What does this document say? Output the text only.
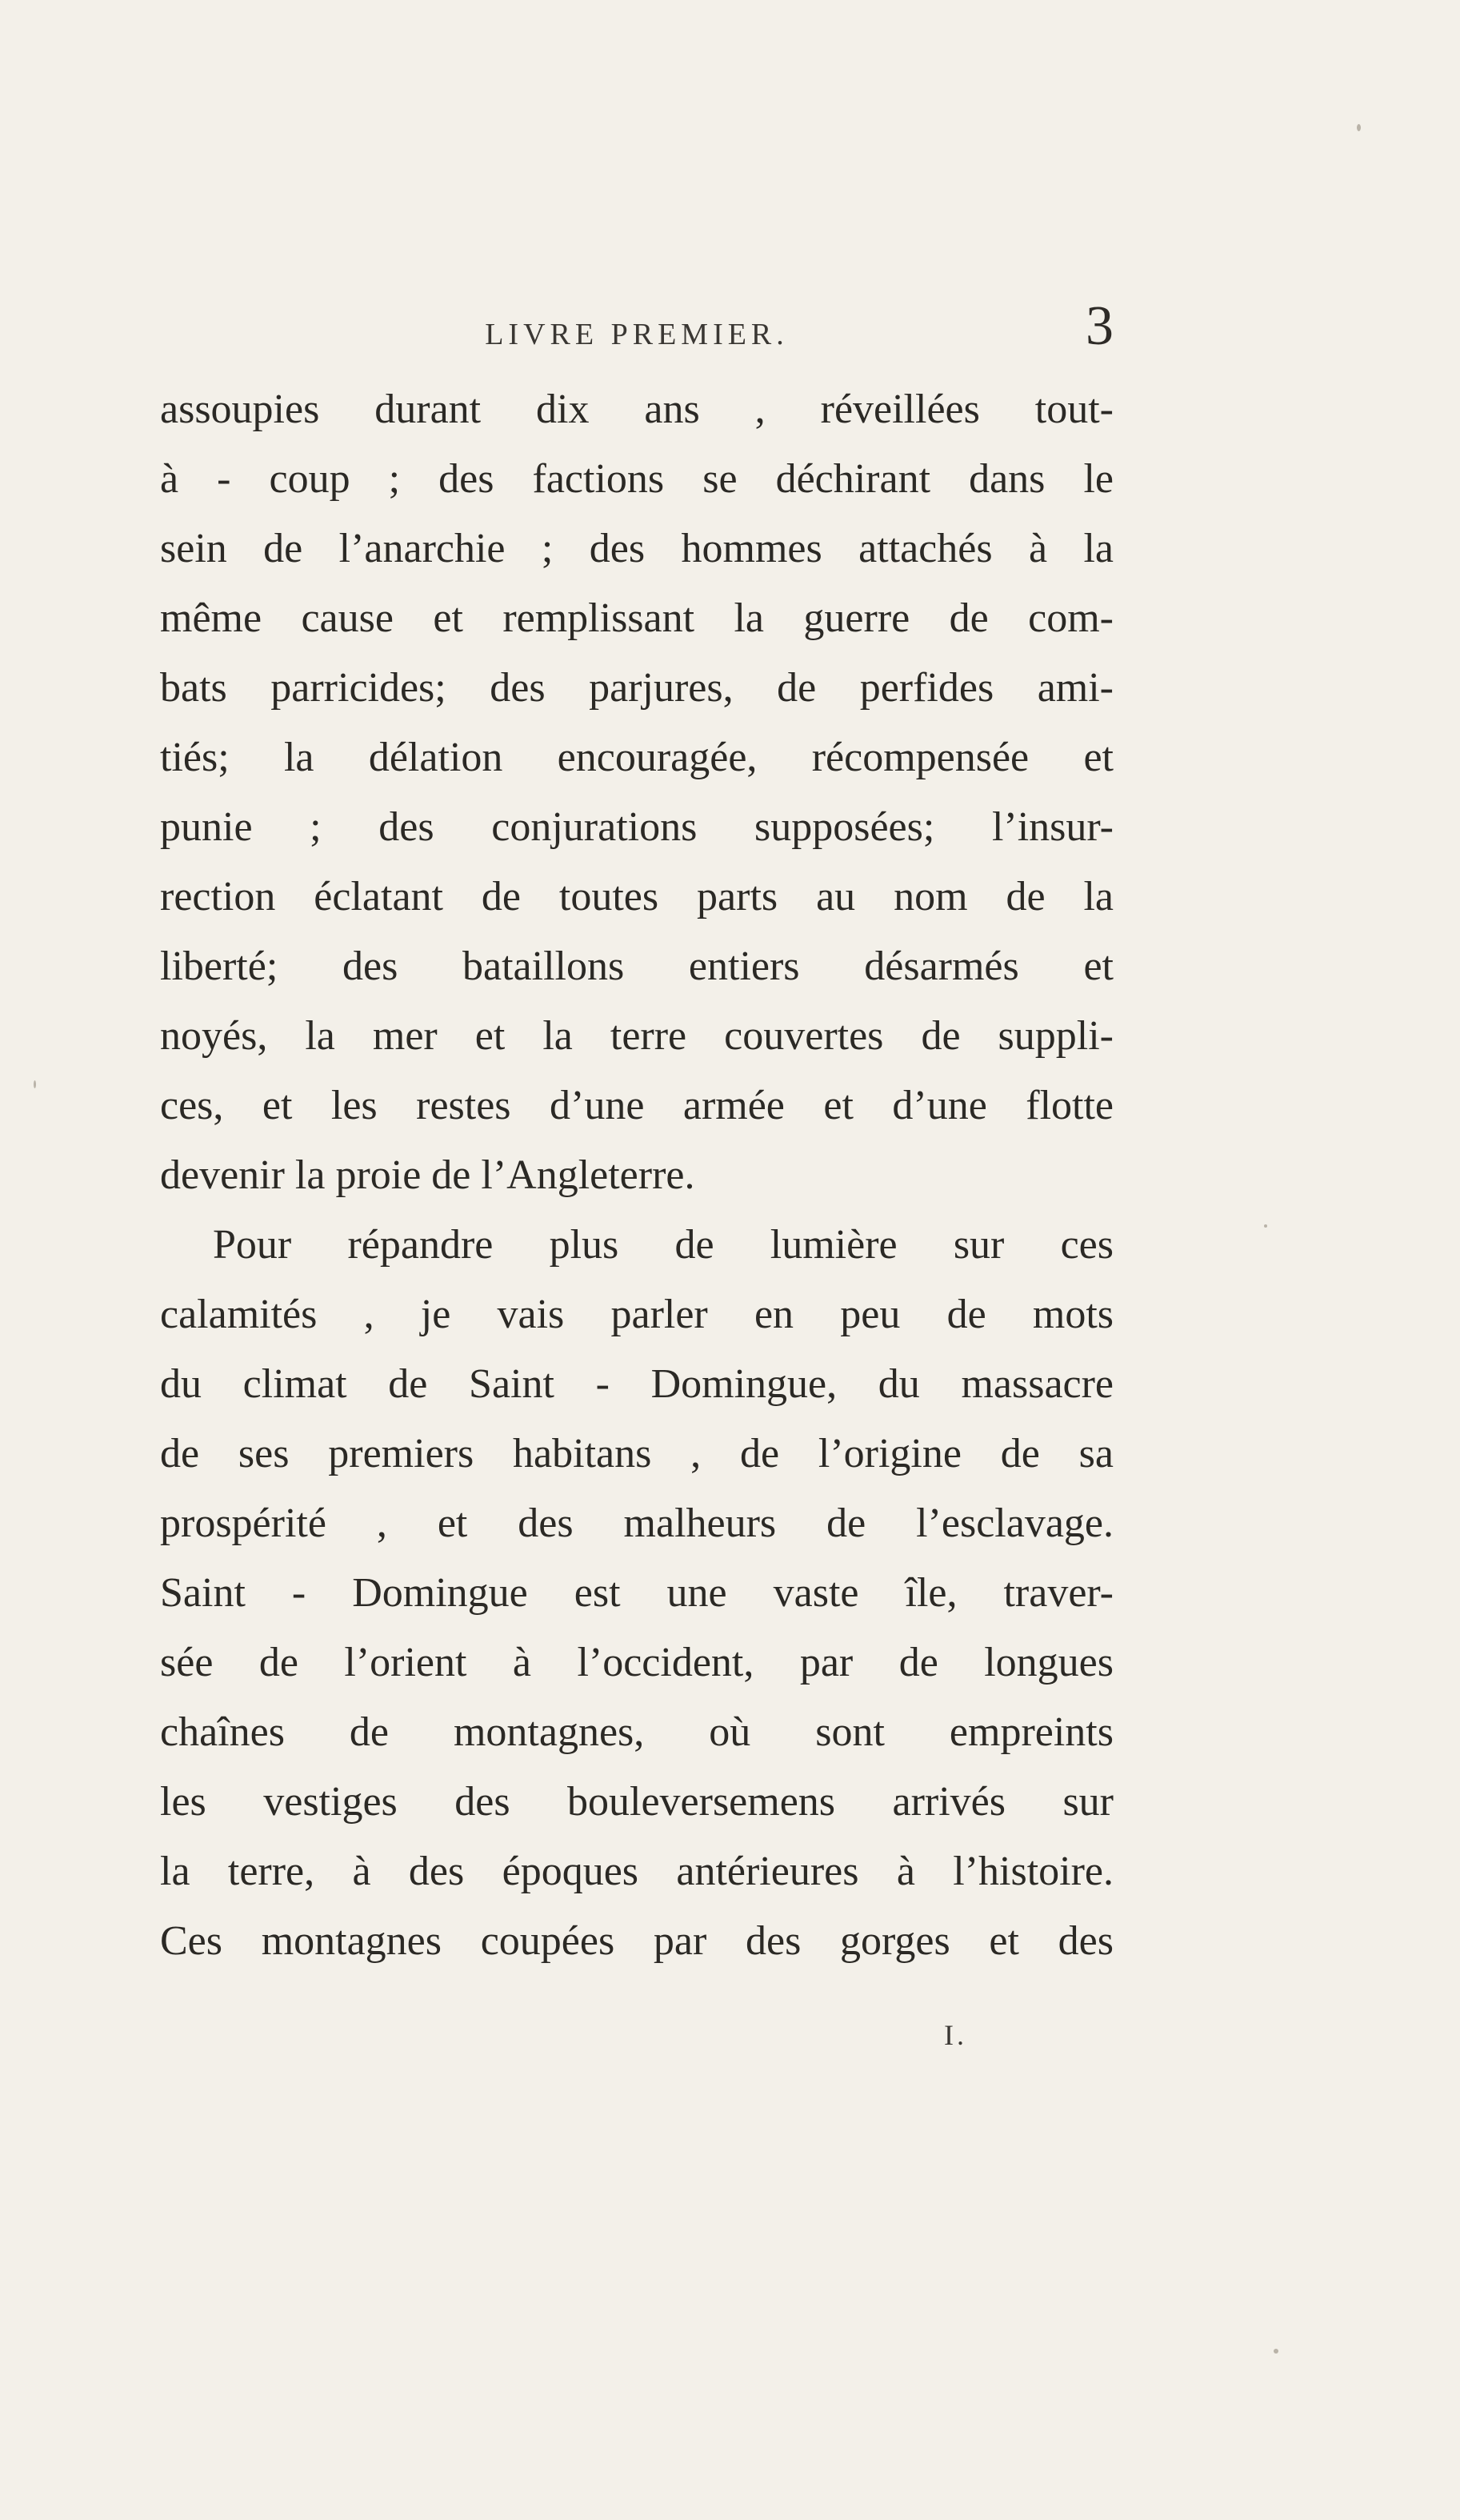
LIVRE PREMIER.	3
assoupies durant dix ans , réveillées tout-
à - coup ; des factions se déchirant dans le
sein de l’anarchie ; des hommes attachés à la
même cause et remplissant la guerre de com-
bats parricides; des parjures, de perfides ami-
tiés; la délation encouragée, récompensée et
punie ; des conjurations supposées; l’insur-
rection éclatant de toutes parts au nom de la
liberté; des bataillons entiers désarmés et
noyés, la mer et la terre couvertes de suppli-
ces, et les restes d’une armée et d’une flotte
devenir la proie de l’Angleterre.
Pour répandre plus de lumière sur ces
calamités , je vais parler en peu de mots
du climat de Saint - Domingue, du massacre
de ses premiers habitans , de l’origine de sa
prospérité , et des malheurs de l’esclavage.
Saint - Domingue est une vaste île, traver-
sée de l’orient à l’occident, par de longues
chaînes de montagnes, où sont empreints
les vestiges des bouleversemens arrivés sur
la terre, à des époques antérieures à l’histoire.
Ces montagnes coupées par des gorges et des
I.
